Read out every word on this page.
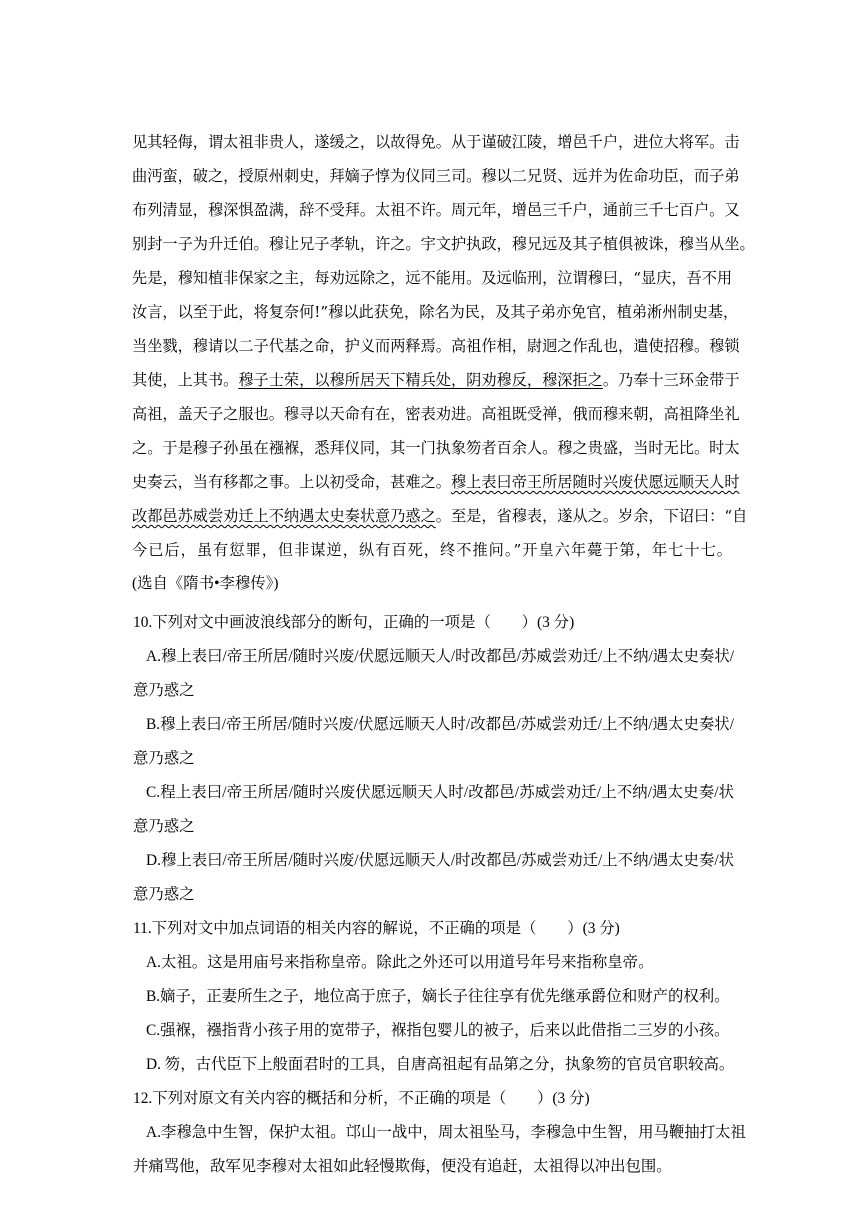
见其轻侮，谓太祖非贵人，遂缓之，以故得免。从于谨破江陵，增邑千户，进位大将军。击
曲沔蛮，破之，授原州刺史，拜嫡子惇为仪同三司。穆以二兄贤、远并为佐命功臣，而子弟
布列清显，穆深惧盈满，辞不受拜。太祖不许。周元年，增邑三千户，通前三千七百户。又
别封一子为升迁伯。穆让兄子孝轨，许之。宇文护执政，穆兄远及其子植俱被诛，穆当从坐。
先是，穆知植非保家之主，每劝远除之，远不能用。及远临刑，泣谓穆曰，“显庆，吾不用
汝言，以至于此，将复奈何!”穆以此获免，除名为民，及其子弟亦免官，植弟淅州制史基，
当坐戮，穆请以二子代基之命，护义而两释焉。高祖作相，尉迥之作乱也，遣使招穆。穆锁
其使，上其书。穆子士荣，以穆所居天下精兵处，阴劝穆反，穆深拒之。乃奉十三环金带于
高祖，盖天子之服也。穆寻以天命有在，密表劝进。高祖既受禅，俄而穆来朝，高祖降坐礼
之。于是穆子孙虽在襁褓，悉拜仪同，其一门执象笏者百余人。穆之贵盛，当时无比。时太
史奏云，当有移都之事。上以初受命，甚难之。穆上表曰帝王所居随时兴废伏愿远顺天人时
改都邑苏威尝劝迁上不纳遇太史奏状意乃惑之。至是，省穆表，遂从之。岁余，下诏曰：“自
今已后，虽有愆罪，但非谋逆，纵有百死，终不推问。”开皇六年薨于第，年七十七。
(选自《隋书•李穆传》)
10.下列对文中画波浪线部分的断句，正确的一项是（　　）(3 分)
A.穆上表曰/帝王所居/随时兴废/伏愿远顺天人/时改都邑/苏威尝劝迁/上不纳/遇太史奏状/
意乃惑之
B.穆上表曰/帝王所居/随时兴废/伏愿远顺天人时/改都邑/苏威尝劝迁/上不纳/遇太史奏状/
意乃惑之
C.程上表曰/帝王所居/随时兴废伏愿远顺天人时/改都邑/苏威尝劝迁/上不纳/遇太史奏/状
意乃惑之
D.穆上表曰/帝王所居/随时兴废/伏愿远顺天人/时改都邑/苏威尝劝迁/上不纳/遇太史奏/状
意乃惑之
11.下列对文中加点词语的相关内容的解说，不正确的项是（　　）(3 分)
A.太祖。这是用庙号来指称皇帝。除此之外还可以用道号年号来指称皇帝。
B.嫡子，正妻所生之子，地位高于庶子，嫡长子往往享有优先继承爵位和财产的权利。
C.强褓，襁指背小孩子用的宽带子，褓指包婴儿的被子，后来以此借指二三岁的小孩。
D. 笏，古代臣下上般面君时的工具，自唐高祖起有品第之分，执象笏的官员官职较高。
12.下列对原文有关内容的概括和分析，不正确的项是（　　）(3 分)
A.李穆急中生智，保护太祖。邙山一战中，周太祖坠马，李穆急中生智，用马鞭抽打太祖
并痛骂他，敌军见李穆对太祖如此轻慢欺侮，便没有追赶，太祖得以冲出包围。
